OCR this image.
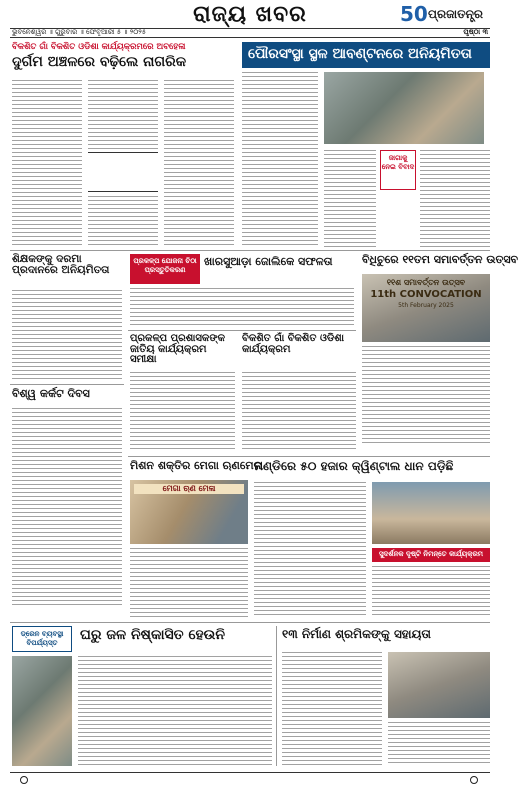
ରାଜ୍ୟ ଖବର	50 ପ୍ରଜାତନ୍ତ୍ର
ଭୁବନେଶ୍ୱର ॥ ଗୁରୁବାର ॥ ଫେବୃଆରୀ ୫ ॥ ୨୦୨୫	ପୃଷ୍ଠା ୩
ବିକଶିତ ଗାଁ ବିକଶିତ ଓଡିଶା କାର୍ଯ୍ୟକ୍ରମରେ ଅବହେଳା
ଦୁର୍ଗମ ଅଞ୍ଚଳରେ ବଢ଼ିଲେ ନାଗରିକ	ପୌରସଂସ୍ଥା ସ୍ଥଳ ଆବଣ୍ଟନରେ ଅନିୟମିତତା
ଜାଗାକୁ ନେଇ ବିବାଦ
ଶିକ୍ଷକଙ୍କୁ ଦରମା ପ୍ରଦାନରେ ଅନିୟମିତତା
ପ୍ରକଳ୍ପ ଯୋଜନା ଚିଠା ପ୍ରସ୍ତୁତିକରଣ
ଖାରସୁଆଡ଼ା ଜୋଲିକେ ସଫଳତା	ବିଧିଚୁରେ ୧୧ତମ ସମାବର୍ତ୍ତନ ଉତ୍ସବ
୧୧ଶ ସମାବର୍ତ୍ତନ ଉତ୍ସବ
11th CONVOCATION
5th February 2025
ପ୍ରକଳ୍ପ ପ୍ରଶାସକଙ୍କ ଜାତିୟ କାର୍ଯ୍ୟକ୍ରମ ସମୀକ୍ଷା
ବିକଶିତ ଗାଁ ବିକଶିତ ଓଡିଶା କାର୍ଯ୍ୟକ୍ରମ
ବିଶ୍ୱ କର୍କଟ ଦିବସ
ମିଶନ ଶକ୍ତିର ମେଗା ଋଣମେଳା
ମେଗା ଋଣ ମେଳା
ମଣ୍ଡିରେ ୫୦ ହଜାର କ୍ୱିଣ୍ଟାଲ ଧାନ ପଡ଼ିଛି
ସୁଦର୍ଶନକ ଦୃଷ୍ଟି ନିମନ୍ତେ କାର୍ଯ୍ୟକ୍ରମ
ଡ୍ରେନ ବ୍ୟବସ୍ଥା ବିପର୍ଯ୍ୟସ୍ତ
ଘରୁ ଜଳ ନିଷ୍କାସିତ ହେଉନି	୧୩ ନିର୍ମାଣ ଶ୍ରମିକଙ୍କୁ ସହାୟତା
